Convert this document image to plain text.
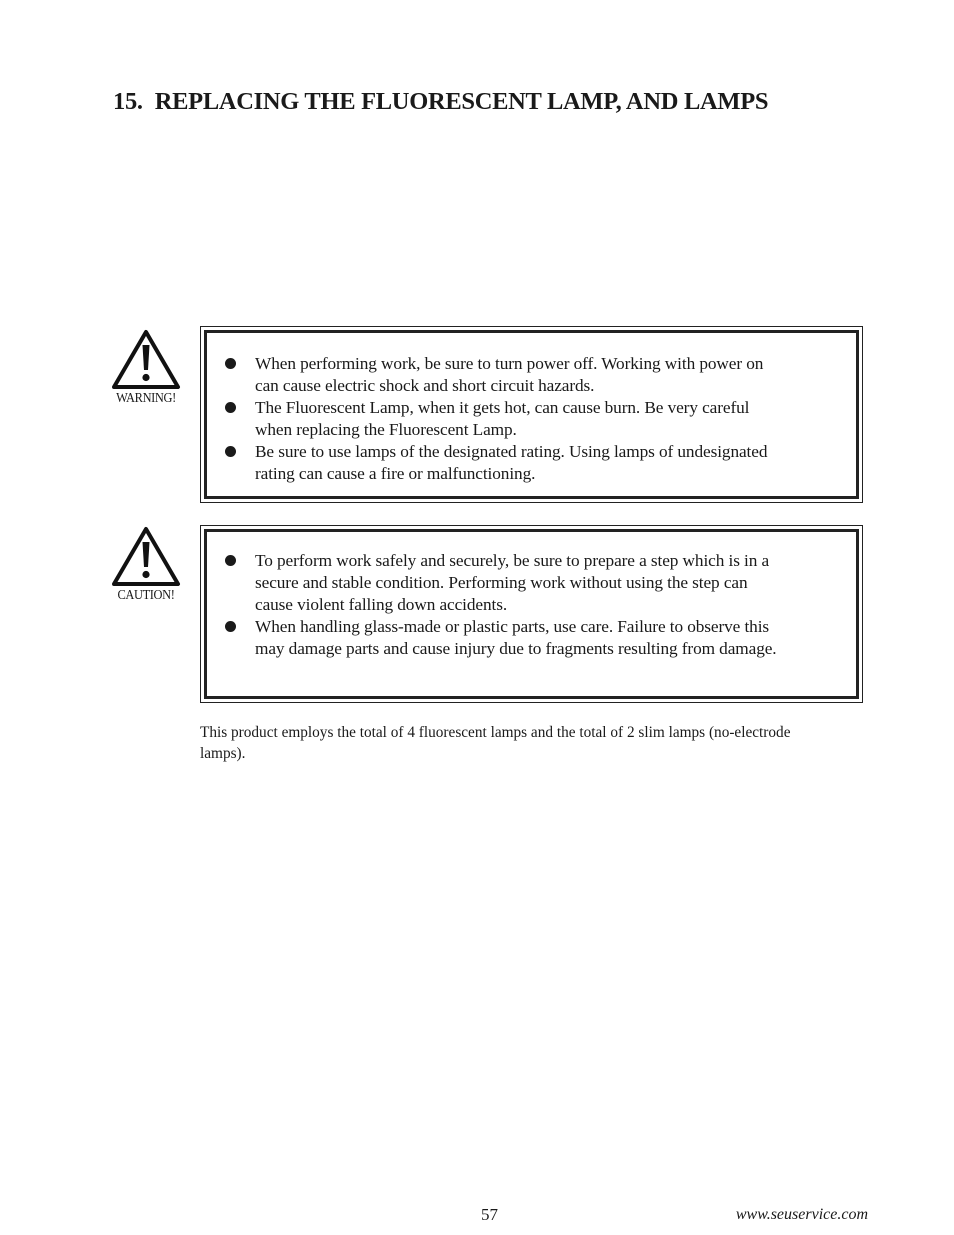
15. REPLACING THE FLUORESCENT LAMP, AND LAMPS
WARNING!
When performing work, be sure to turn power off. Working with power on
can cause electric shock and short circuit hazards.
The Fluorescent Lamp, when it gets hot, can cause burn. Be very careful
when replacing the Fluorescent Lamp.
Be sure to use lamps of the designated rating. Using lamps of undesignated
rating can cause a fire or malfunctioning.
CAUTION!
To perform work safely and securely, be sure to prepare a step which is in a
secure and stable condition. Performing work without using the step can
cause violent falling down accidents.
When handling glass-made or plastic parts, use care. Failure to observe this
may damage parts and cause injury due to fragments resulting from damage.

This product employs the total of 4 fluorescent lamps and the total of 2 slim lamps (no-electrode
lamps).

57	www.seuservice.com
